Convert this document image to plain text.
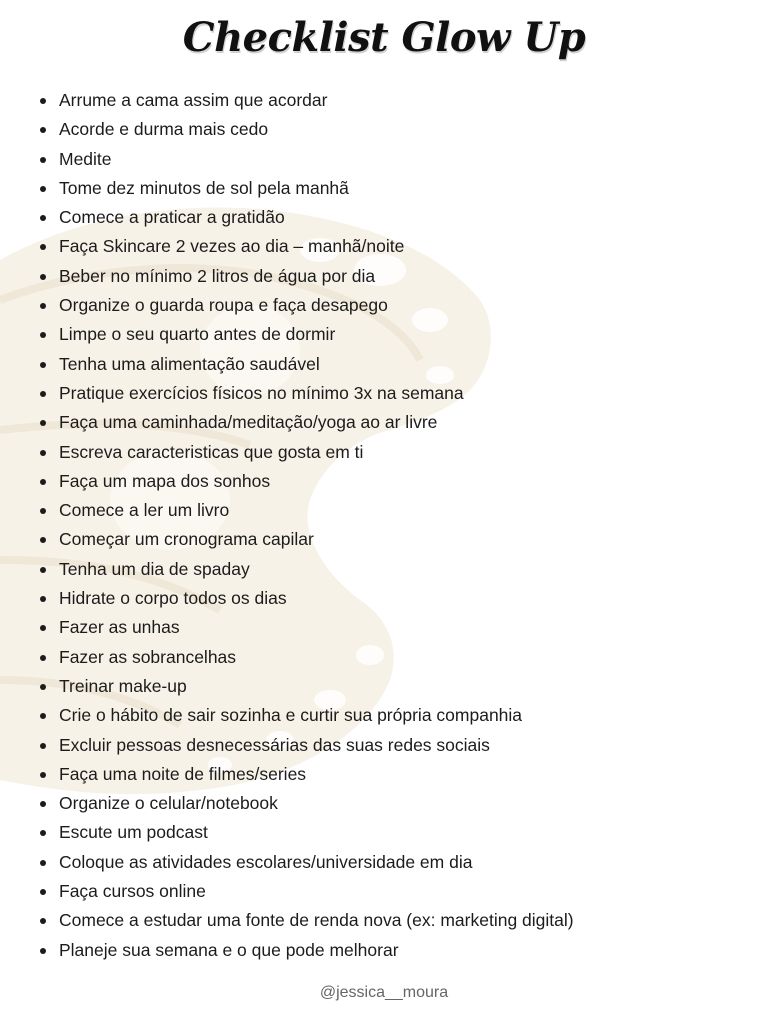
Checklist Glow Up
Arrume a cama assim que acordar
Acorde e durma mais cedo
Medite
Tome dez minutos de sol pela manhã
Comece a praticar a gratidão
Faça Skincare 2 vezes ao dia – manhã/noite
Beber no mínimo 2 litros de água por dia
Organize o guarda roupa e faça desapego
Limpe o seu quarto antes de dormir
Tenha uma alimentação saudável
Pratique exercícios físicos no mínimo 3x na semana
Faça uma caminhada/meditação/yoga ao ar livre
Escreva caracteristicas que gosta em ti
Faça um mapa dos sonhos
Comece a ler um livro
Começar um cronograma capilar
Tenha um dia de spaday
Hidrate o corpo todos os dias
Fazer as unhas
Fazer as sobrancelhas
Treinar make-up
Crie o hábito de sair sozinha e curtir sua própria companhia
Excluir pessoas desnecessárias das suas redes sociais
Faça uma noite de filmes/series
Organize o celular/notebook
Escute um podcast
Coloque as atividades escolares/universidade em dia
Faça cursos online
Comece a estudar uma fonte de renda nova (ex: marketing digital)
Planeje sua semana e o que pode melhorar
@jessica__moura
